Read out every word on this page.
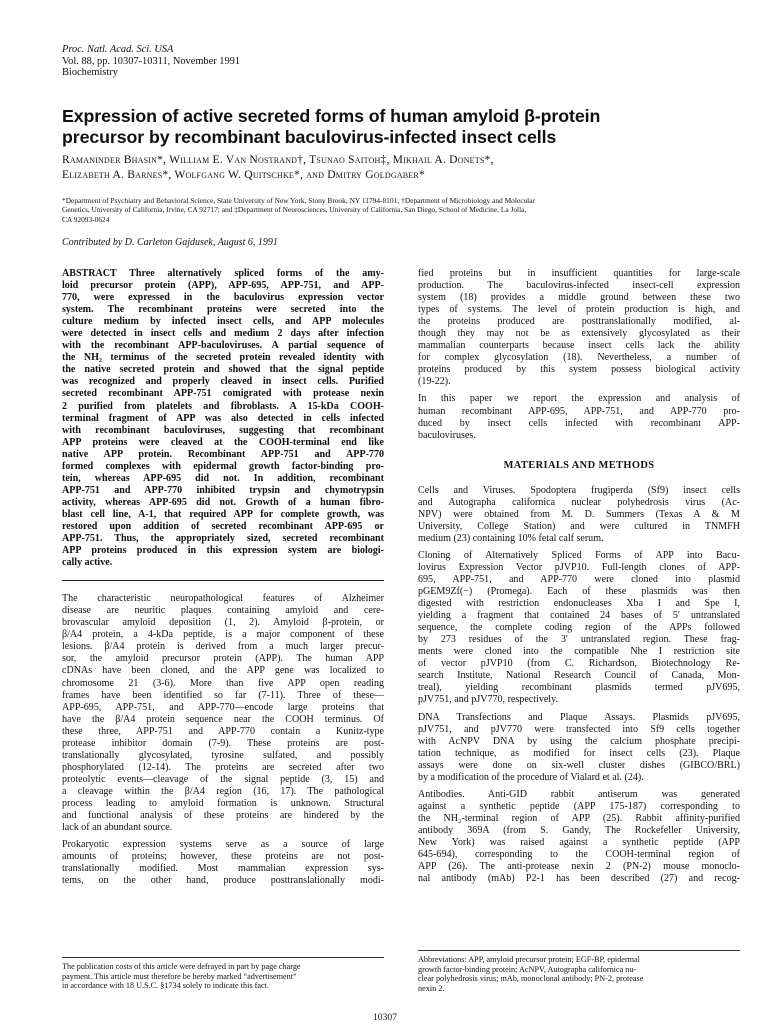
Proc. Natl. Acad. Sci. USA
Vol. 88, pp. 10307-10311, November 1991
Biochemistry
Expression of active secreted forms of human amyloid β-protein
precursor by recombinant baculovirus-infected insect cells
Ramaninder Bhasin*, William E. Van Nostrand†, Tsunao Saitoh‡, Mikhail A. Donets*,
Elizabeth A. Barnes*, Wolfgang W. Quitschke*, and Dmitry Goldgaber*
*Department of Psychiatry and Behavioral Science, State University of New York, Stony Brook, NY 11794-8101; †Department of Microbiology and Molecular
Genetics, University of California, Irvine, CA 92717; and ‡Department of Neurosciences, University of California, San Diego, School of Medicine, La Jolla,
CA 92093-0624
Contributed by D. Carleton Gajdusek, August 6, 1991
ABSTRACT Three alternatively spliced forms of the amy-
loid precursor protein (APP), APP-695, APP-751, and APP-
770, were expressed in the baculovirus expression vector
system. The recombinant proteins were secreted into the
culture medium by infected insect cells, and APP molecules
were detected in insect cells and medium 2 days after infection
with the recombinant APP-baculoviruses. A partial sequence of
the NH₂ terminus of the secreted protein revealed identity with
the native secreted protein and showed that the signal peptide
was recognized and properly cleaved in insect cells. Purified
secreted recombinant APP-751 comigrated with protease nexin
2 purified from platelets and fibroblasts. A 15-kDa COOH-
terminal fragment of APP was also detected in cells infected
with recombinant baculoviruses, suggesting that recombinant
APP proteins were cleaved at the COOH-terminal end like
native APP protein. Recombinant APP-751 and APP-770
formed complexes with epidermal growth factor-binding pro-
tein, whereas APP-695 did not. In addition, recombinant
APP-751 and APP-770 inhibited trypsin and chymotrypsin
activity, whereas APP-695 did not. Growth of a human fibro-
blast cell line, A-1, that required APP for complete growth, was
restored upon addition of secreted recombinant APP-695 or
APP-751. Thus, the appropriately sized, secreted recombinant
APP proteins produced in this expression system are biologi-
cally active.
The characteristic neuropathological features of Alzheimer
disease are neuritic plaques containing amyloid and cere-
brovascular amyloid deposition (1, 2). Amyloid β-protein, or
β/A4 protein, a 4-kDa peptide, is a major component of these
lesions. β/A4 protein is derived from a much larger precur-
sor, the amyloid precursor protein (APP). The human APP
cDNAs have been cloned, and the APP gene was localized to
chromosome 21 (3-6). More than five APP open reading
frames have been identified so far (7-11). Three of these—
APP-695, APP-751, and APP-770—encode large proteins that
have the β/A4 protein sequence near the COOH terminus. Of
these three, APP-751 and APP-770 contain a Kunitz-type
protease inhibitor domain (7-9). These proteins are post-
translationally glycosylated, tyrosine sulfated, and possibly
phosphorylated (12-14). The proteins are secreted after two
proteolytic events—cleavage of the signal peptide (3, 15) and
a cleavage within the β/A4 region (16, 17). The pathological
process leading to amyloid formation is unknown. Structural
and functional analysis of these proteins are hindered by the
lack of an abundant source.
Prokaryotic expression systems serve as a source of large
amounts of proteins; however, these proteins are not post-
translationally modified. Most mammalian expression sys-
tems, on the other hand, produce posttranslationally modi-
fied proteins but in insufficient quantities for large-scale
production. The baculovirus-infected insect-cell expression
system (18) provides a middle ground between these two
types of systems. The level of protein production is high, and
the proteins produced are posttranslationally modified, al-
though they may not be as extensively glycosylated as their
mammalian counterparts because insect cells lack the ability
for complex glycosylation (18). Nevertheless, a number of
proteins produced by this system possess biological activity
(19-22).
In this paper we report the expression and analysis of
human recombinant APP-695, APP-751, and APP-770 pro-
duced by insect cells infected with recombinant APP-
baculoviruses.
MATERIALS AND METHODS
Cells and Viruses. Spodoptera frugiperda (Sf9) insect cells
and Autographa californica nuclear polyhedrosis virus (Ac-
NPV) were obtained from M. D. Summers (Texas A & M
University, College Station) and were cultured in TNMFH
medium (23) containing 10% fetal calf serum.
Cloning of Alternatively Spliced Forms of APP into Bacu-
lovirus Expression Vector pJVP10. Full-length clones of APP-
695, APP-751, and APP-770 were cloned into plasmid
pGEM9Zf(−) (Promega). Each of these plasmids was then
digested with restriction endonucleases Xba I and Spe I,
yielding a fragment that contained 24 bases of 5′ untranslated
sequence, the complete coding region of the APPs followed
by 273 residues of the 3′ untranslated region. These frag-
ments were cloned into the compatible Nhe I restriction site
of vector pJVP10 (from C. Richardson, Biotechnology Re-
search Institute, National Research Council of Canada, Mon-
treal), yielding recombinant plasmids termed pJV695,
pJV751, and pJV770, respectively.
DNA Transfections and Plaque Assays. Plasmids pJV695,
pJV751, and pJV770 were transfected into Sf9 cells together
with AcNPV DNA by using the calcium phosphate precipi-
tation technique, as modified for insect cells (23). Plaque
assays were done on six-well cluster dishes (GIBCO/BRL)
by a modification of the procedure of Vialard et al. (24).
Antibodies. Anti-GID rabbit antiserum was generated
against a synthetic peptide (APP 175-187) corresponding to
the NH₂-terminal region of APP (25). Rabbit affinity-purified
antibody 369A (from S. Gandy, The Rockefeller University,
New York) was raised against a synthetic peptide (APP
645-694), corresponding to the COOH-terminal region of
APP (26). The anti-protease nexin 2 (PN-2) mouse monoclo-
nal antibody (mAb) P2-1 has been described (27) and recog-
The publication costs of this article were defrayed in part by page charge
payment. This article must therefore be hereby marked “advertisement”
in accordance with 18 U.S.C. §1734 solely to indicate this fact.
Abbreviations: APP, amyloid precursor protein; EGF-BP, epidermal
growth factor-binding protein; AcNPV, Autographa californica nu-
clear polyhedrosis virus; mAb, monoclonal antibody; PN-2, protease
nexin 2.
10307
